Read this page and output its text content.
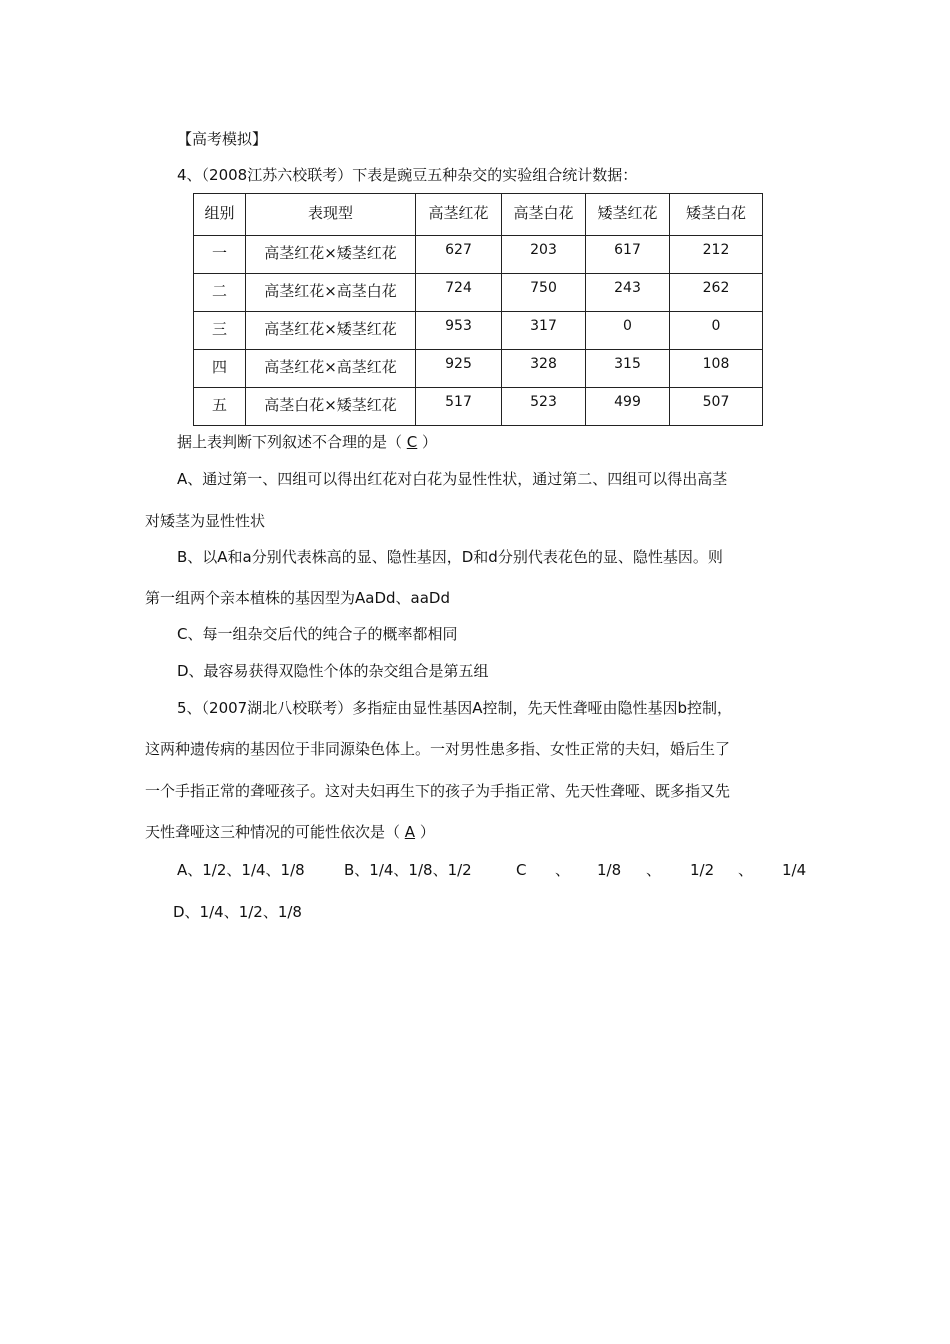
【高考模拟】
4、（2008江苏六校联考）下表是豌豆五种杂交的实验组合统计数据：
组别	表现型	高茎红花	高茎白花	矮茎红花	矮茎白花
一	高茎红花×矮茎红花	627	203	617	212
二	高茎红花×高茎白花	724	750	243	262
三	高茎红花×矮茎红花	953	317	0	0
四	高茎红花×高茎红花	925	328	315	108
五	高茎白花×矮茎红花	517	523	499	507
据上表判断下列叙述不合理的是（ C ）
A、通过第一、四组可以得出红花对白花为显性性状，通过第二、四组可以得出高茎
对矮茎为显性性状
B、以A和a分别代表株高的显、隐性基因，D和d分别代表花色的显、隐性基因。则
第一组两个亲本植株的基因型为AaDd、aaDd
C、每一组杂交后代的纯合子的概率都相同
D、最容易获得双隐性个体的杂交组合是第五组
5、（2007湖北八校联考）多指症由显性基因A控制，先天性聋哑由隐性基因b控制，
这两种遗传病的基因位于非同源染色体上。一对男性患多指、女性正常的夫妇，婚后生了
一个手指正常的聋哑孩子。这对夫妇再生下的孩子为手指正常、先天性聋哑、既多指又先
天性聋哑这三种情况的可能性依次是（ A ）
A、1/2、1/4、1/8	B、1/4、1/8、1/2	C 、 1/8 、 1/2 、 1/4
D、1/4、1/2、1/8
